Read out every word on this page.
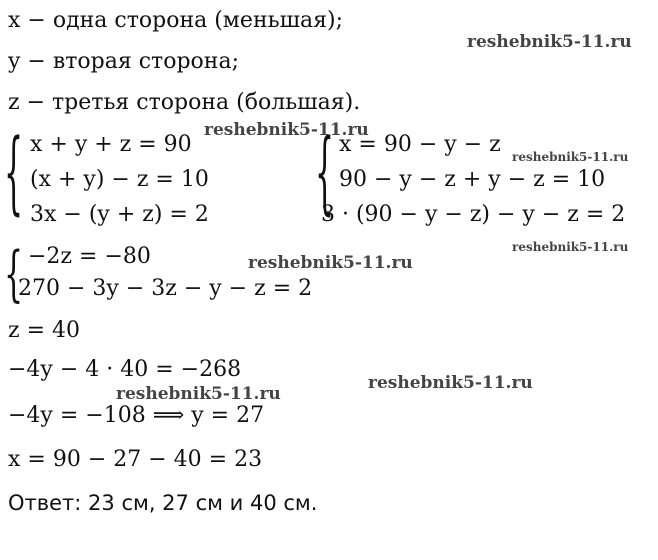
x − одна сторона (меньшая);
y − вторая сторона;
z − третья сторона (большая).
{ x + y + z = 90
(x + y) − z = 10
3x − (y + z) = 2	{ x = 90 − y − z
90 − y − z + y − z = 10
3 · (90 − y − z) − y − z = 2
{ −2z = −80
270 − 3y − 3z − y − z = 2
z = 40
−4y − 4 · 40 = −268
−4y = −108 ⟹ y = 27
x = 90 − 27 − 40 = 23
Ответ: 23 см, 27 см и 40 см.
reshebnik5-11.ru
reshebnik5-11.ru
reshebnik5-11.ru
reshebnik5-11.ru
reshebnik5-11.ru
reshebnik5-11.ru
reshebnik5-11.ru
